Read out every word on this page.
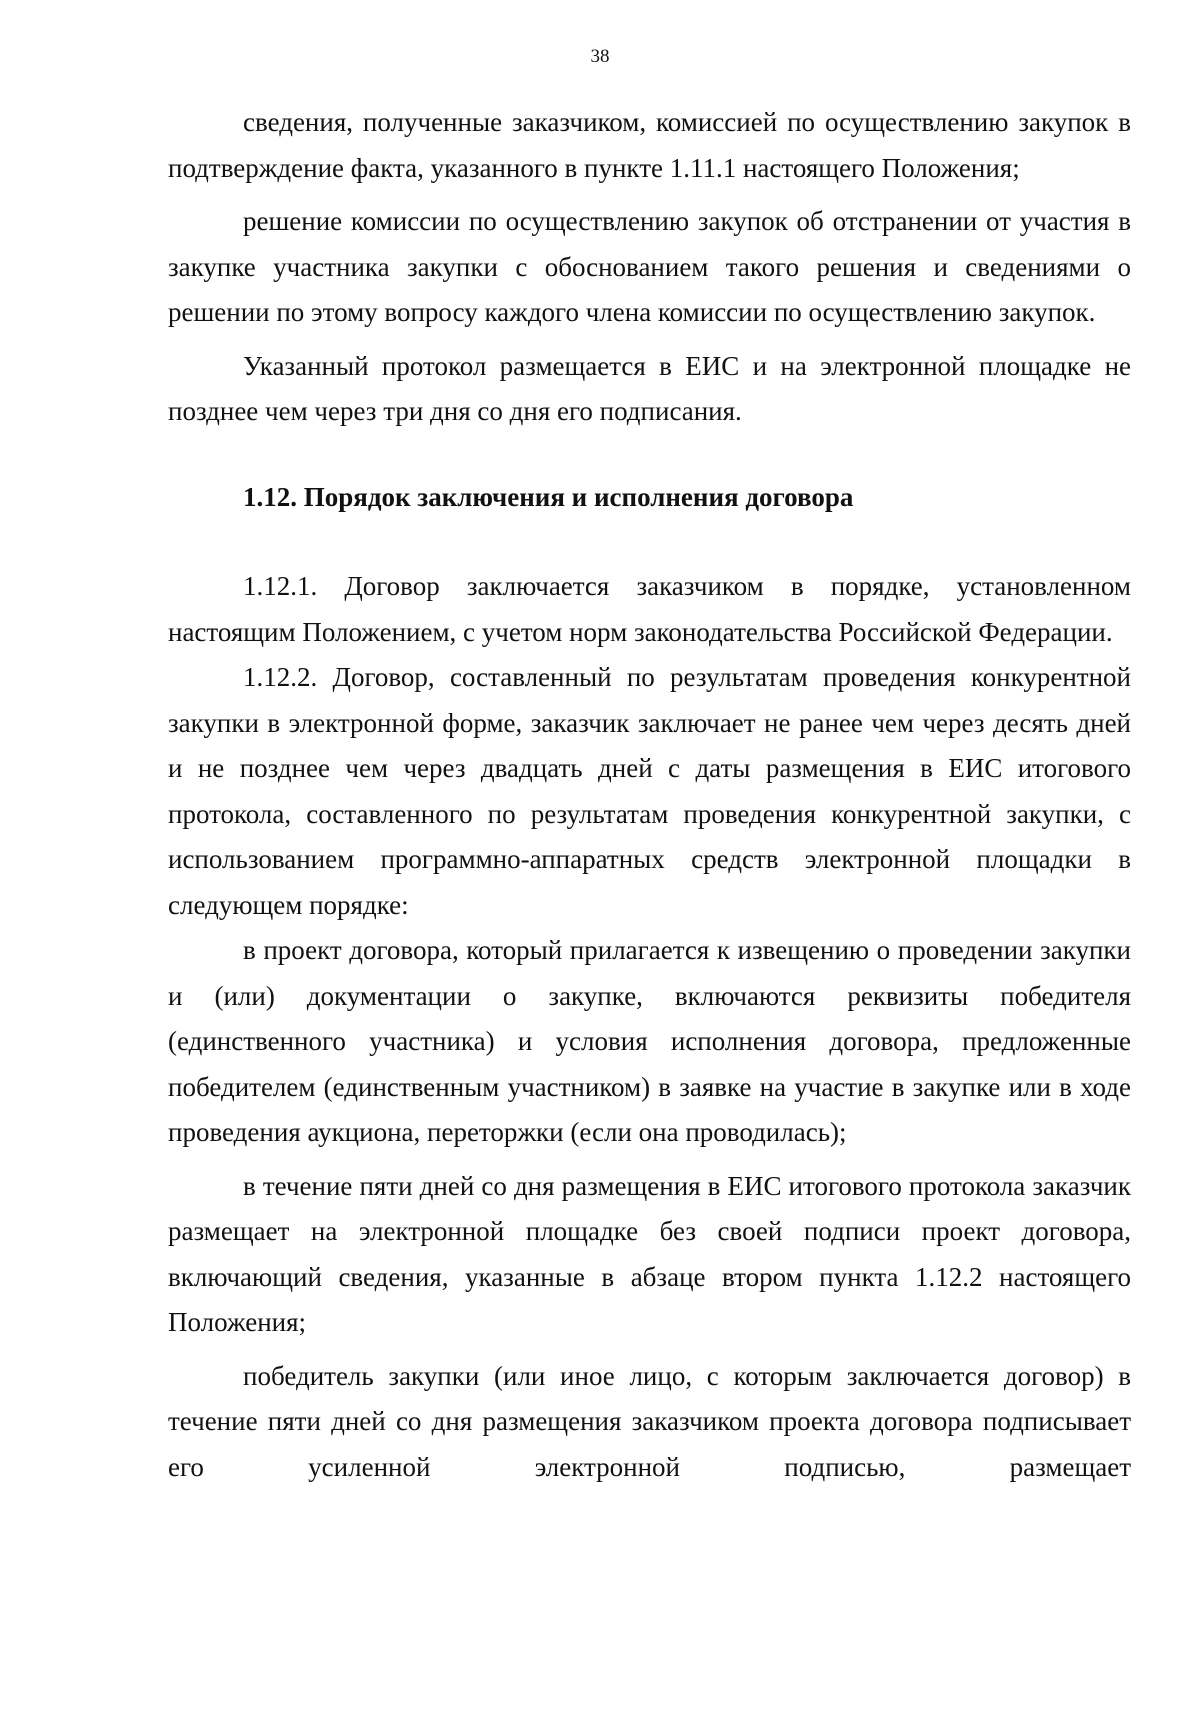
38

сведения, полученные заказчиком, комиссией по осуществлению закупок в подтверждение факта, указанного в пункте 1.11.1 настоящего Положения;

решение комиссии по осуществлению закупок об отстранении от участия в закупке участника закупки с обоснованием такого решения и сведениями о решении по этому вопросу каждого члена комиссии по осуществлению закупок.

Указанный протокол размещается в ЕИС и на электронной площадке не позднее чем через три дня со дня его подписания.

1.12. Порядок заключения и исполнения договора

1.12.1. Договор заключается заказчиком в порядке, установленном настоящим Положением, с учетом норм законодательства Российской Федерации.

1.12.2. Договор, составленный по результатам проведения конкурентной закупки в электронной форме, заказчик заключает не ранее чем через десять дней и не позднее чем через двадцать дней с даты размещения в ЕИС итогового протокола, составленного по результатам проведения конкурентной закупки, с использованием программно-аппаратных средств электронной площадки в следующем порядке:

в проект договора, который прилагается к извещению о проведении закупки и (или) документации о закупке, включаются реквизиты победителя (единственного участника) и условия исполнения договора, предложенные победителем (единственным участником) в заявке на участие в закупке или в ходе проведения аукциона, переторжки (если она проводилась);

в течение пяти дней со дня размещения в ЕИС итогового протокола заказчик размещает на электронной площадке без своей подписи проект договора, включающий сведения, указанные в абзаце втором пункта 1.12.2 настоящего Положения;

победитель закупки (или иное лицо, с которым заключается договор) в течение пяти дней со дня размещения заказчиком проекта договора подписывает его усиленной электронной подписью, размещает
